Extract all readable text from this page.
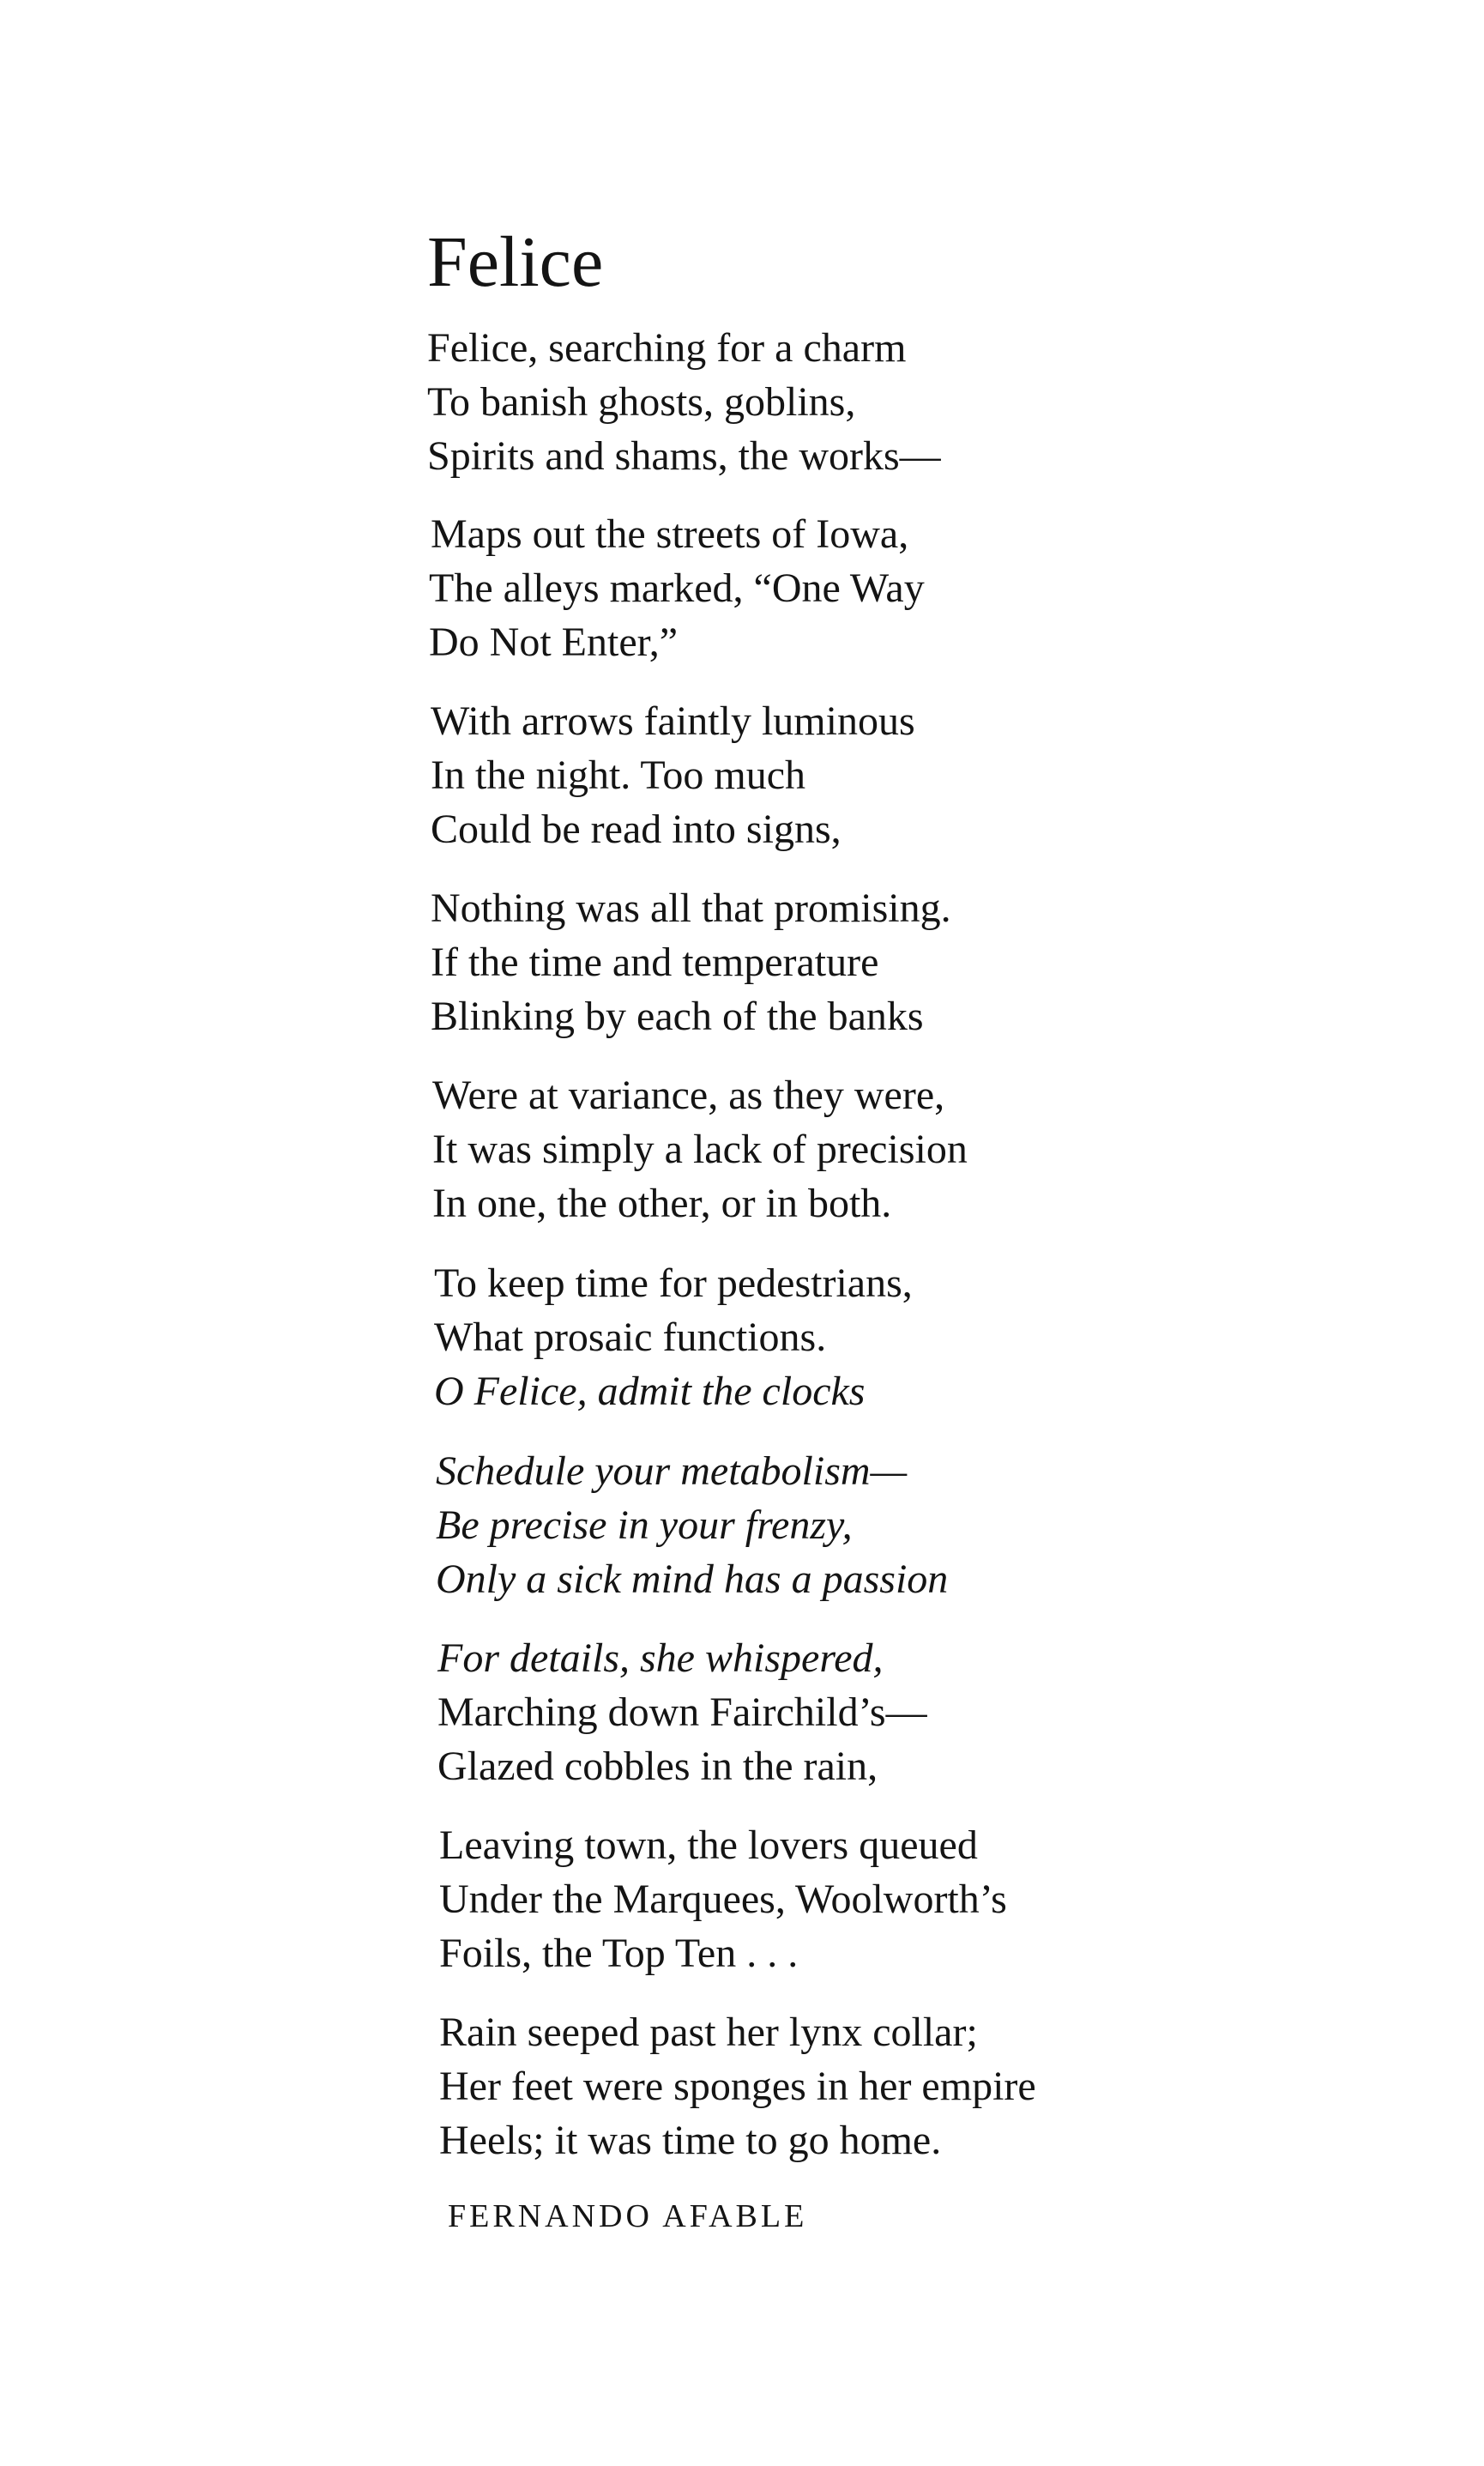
Felice
Felice, searching for a charm
To banish ghosts, goblins,
Spirits and shams, the works—
Maps out the streets of Iowa,
The alleys marked, “One Way
Do Not Enter,”
With arrows faintly luminous
In the night. Too much
Could be read into signs,
Nothing was all that promising.
If the time and temperature
Blinking by each of the banks
Were at variance, as they were,
It was simply a lack of precision
In one, the other, or in both.
To keep time for pedestrians,
What prosaic functions.
O Felice, admit the clocks
Schedule your metabolism—
Be precise in your frenzy,
Only a sick mind has a passion
For details, she whispered,
Marching down Fairchild’s—
Glazed cobbles in the rain,
Leaving town, the lovers queued
Under the Marquees, Woolworth’s
Foils, the Top Ten . . .
Rain seeped past her lynx collar;
Her feet were sponges in her empire
Heels; it was time to go home.
FERNANDO AFABLE
